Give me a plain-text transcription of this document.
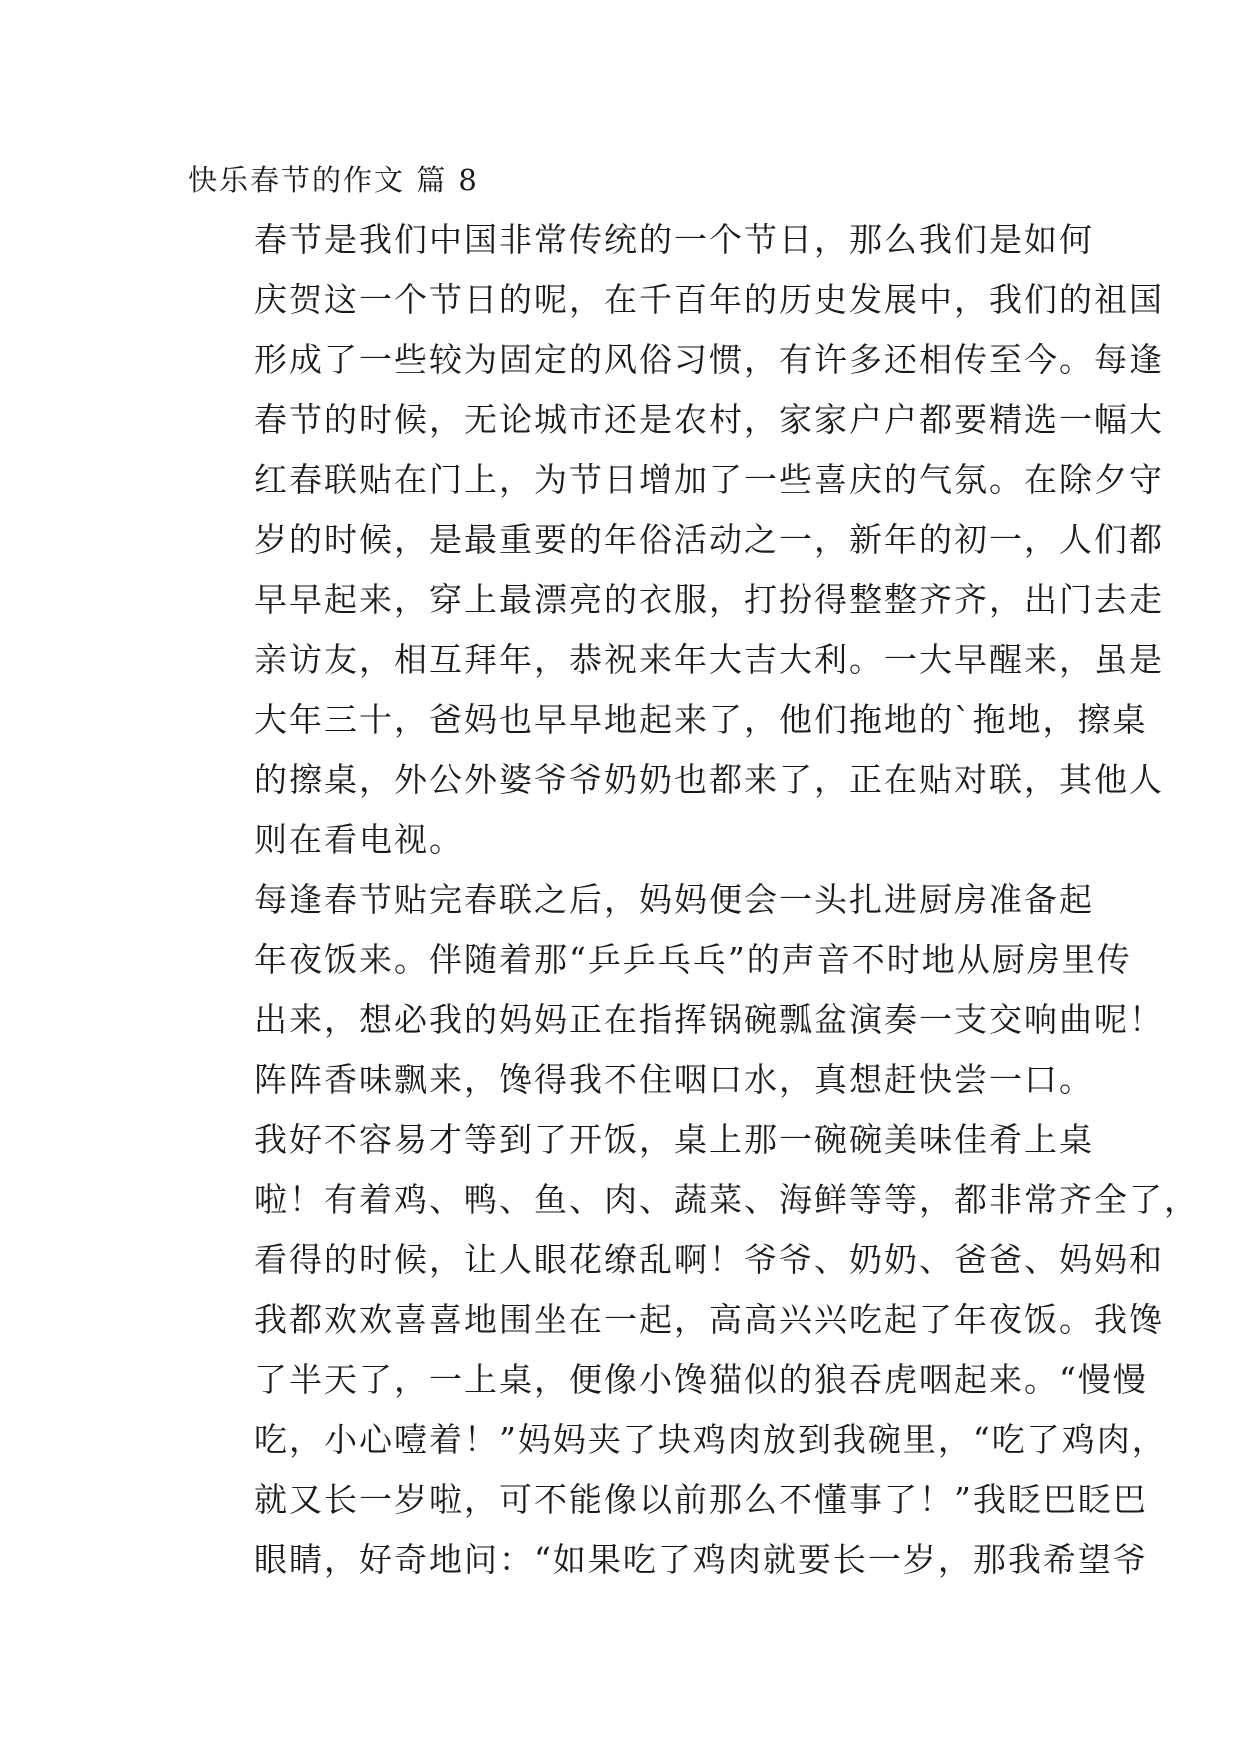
快乐春节的作文 篇 8

春节是我们中国非常传统的一个节日，那么我们是如何
庆贺这一个节日的呢，在千百年的历史发展中，我们的祖国
形成了一些较为固定的风俗习惯，有许多还相传至今。每逢
春节的时候，无论城市还是农村，家家户户都要精选一幅大
红春联贴在门上，为节日增加了一些喜庆的气氛。在除夕守
岁的时候，是最重要的年俗活动之一，新年的初一，人们都
早早起来，穿上最漂亮的衣服，打扮得整整齐齐，出门去走
亲访友，相互拜年，恭祝来年大吉大利。一大早醒来，虽是
大年三十，爸妈也早早地起来了，他们拖地的`拖地，擦桌
的擦桌，外公外婆爷爷奶奶也都来了，正在贴对联，其他人
则在看电视。

每逢春节贴完春联之后，妈妈便会一头扎进厨房准备起
年夜饭来。伴随着那“乒乒乓乓”的声音不时地从厨房里传
出来，想必我的妈妈正在指挥锅碗瓢盆演奏一支交响曲呢！
阵阵香味飘来，馋得我不住咽口水，真想赶快尝一口。

我好不容易才等到了开饭，桌上那一碗碗美味佳肴上桌
啦！有着鸡、鸭、鱼、肉、蔬菜、海鲜等等，都非常齐全了，
看得的时候，让人眼花缭乱啊！爷爷、奶奶、爸爸、妈妈和
我都欢欢喜喜地围坐在一起，高高兴兴吃起了年夜饭。我馋
了半天了，一上桌，便像小馋猫似的狼吞虎咽起来。“慢慢
吃，小心噎着！”妈妈夹了块鸡肉放到我碗里，“吃了鸡肉，
就又长一岁啦，可不能像以前那么不懂事了！”我眨巴眨巴
眼睛，好奇地问：“如果吃了鸡肉就要长一岁，那我希望爷
